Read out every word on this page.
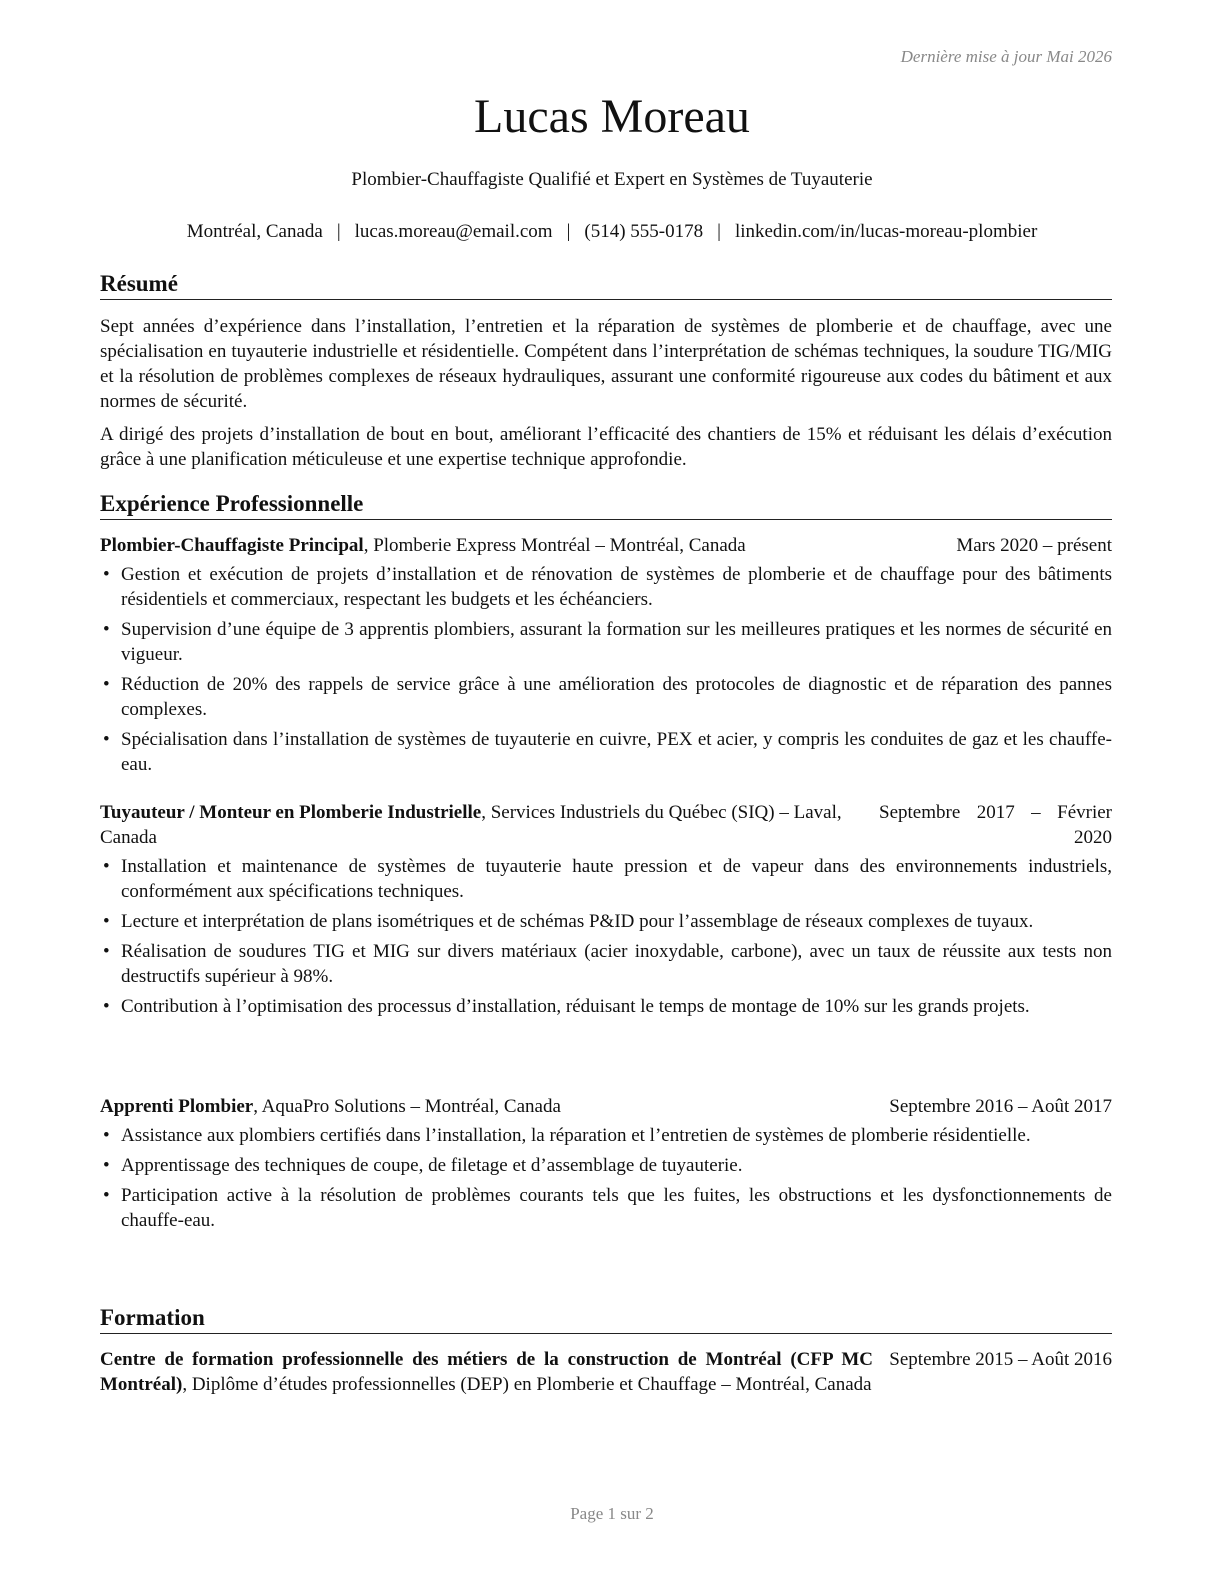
Dernière mise à jour Mai 2026
Lucas Moreau
Plombier-Chauffagiste Qualifié et Expert en Systèmes de Tuyauterie
Montréal, Canada | lucas.moreau@email.com | (514) 555-0178 | linkedin.com/in/lucas-moreau-plombier
Résumé

Sept années d’expérience dans l’installation, l’entretien et la réparation de systèmes de plomberie et de chauffage, avec une spécialisation en tuyauterie industrielle et résidentielle. Compétent dans l’interprétation de schémas techniques, la soudure TIG/MIG et la résolution de problèmes complexes de réseaux hydrauliques, assurant une conformité rigoureuse aux codes du bâtiment et aux normes de sécurité.

A dirigé des projets d’installation de bout en bout, améliorant l’efficacité des chantiers de 15% et réduisant les délais d’exécution grâce à une planification méticuleuse et une expertise technique approfondie.

Expérience Professionnelle
Plombier-Chauffagiste Principal, Plomberie Express Montréal – Montréal, Canada	Mars 2020 – présent
• Gestion et exécution de projets d’installation et de rénovation de systèmes de plomberie et de chauffage pour des bâtiments résidentiels et commerciaux, respectant les budgets et les échéanciers.
• Supervision d’une équipe de 3 apprentis plombiers, assurant la formation sur les meilleures pratiques et les normes de sécurité en vigueur.
• Réduction de 20% des rappels de service grâce à une amélioration des protocoles de diagnostic et de réparation des pannes complexes.
• Spécialisation dans l’installation de systèmes de tuyauterie en cuivre, PEX et acier, y compris les conduites de gaz et les chauffe-eau.
Tuyauteur / Monteur en Plomberie Industrielle, Services Industriels du Québec (SIQ) – Laval, Canada
Septembre 2017 – Février 2020
• Installation et maintenance de systèmes de tuyauterie haute pression et de vapeur dans des environnements industriels, conformément aux spécifications techniques.
• Lecture et interprétation de plans isométriques et de schémas P&ID pour l’assemblage de réseaux complexes de tuyaux.
• Réalisation de soudures TIG et MIG sur divers matériaux (acier inoxydable, carbone), avec un taux de réussite aux tests non destructifs supérieur à 98%.
• Contribution à l’optimisation des processus d’installation, réduisant le temps de montage de 10% sur les grands projets.
Apprenti Plombier, AquaPro Solutions – Montréal, Canada	Septembre 2016 – Août 2017
• Assistance aux plombiers certifiés dans l’installation, la réparation et l’entretien de systèmes de plomberie résidentielle.
• Apprentissage des techniques de coupe, de filetage et d’assemblage de tuyauterie.
• Participation active à la résolution de problèmes courants tels que les fuites, les obstructions et les dysfonctionnements de chauffe-eau.
Formation
Centre de formation professionnelle des métiers de la construction de Montréal (CFP MC Montréal), Diplôme d’études professionnelles (DEP) en Plomberie et Chauffage – Montréal, Canada
Septembre 2015 – Août 2016
Page 1 sur 2
